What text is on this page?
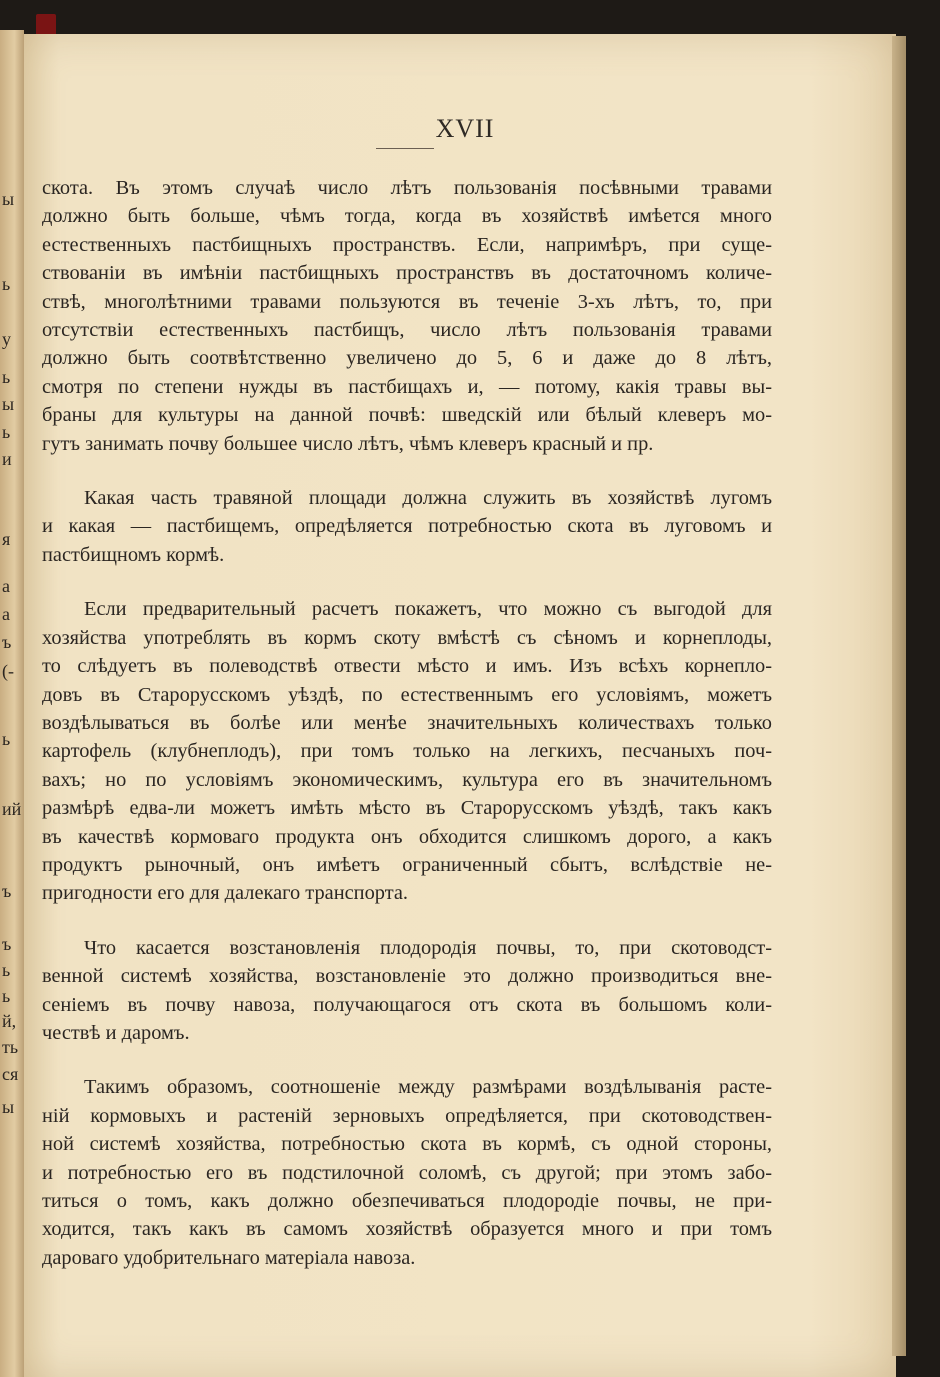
ы
ь
у
ь
ы
ь
и
я
а
а
ъ
(-
ь
ий
ъ
ъ
ь
ь
й,
ть
ся
ы
XVII

скота. Въ этомъ случаѣ число лѣтъ пользованія посѣвными травами
должно быть больше, чѣмъ тогда, когда въ хозяйствѣ имѣется много
естественныхъ пастбищныхъ пространствъ. Если, напримѣръ, при суще-
ствованіи въ имѣніи пастбищныхъ пространствъ въ достаточномъ количе-
ствѣ, многолѣтними травами пользуются въ теченіе 3-хъ лѣтъ, то, при
отсутствіи естественныхъ пастбищъ, число лѣтъ пользованія травами
должно быть соотвѣтственно увеличено до 5, 6 и даже до 8 лѣтъ,
смотря по степени нужды въ пастбищахъ и, — потому, какія травы вы-
браны для культуры на данной почвѣ: шведскій или бѣлый клеверъ мо-
гутъ занимать почву большее число лѣтъ, чѣмъ клеверъ красный и пр.

Какая часть травяной площади должна служить въ хозяйствѣ лугомъ
и какая — пастбищемъ, опредѣляется потребностью скота въ луговомъ и
пастбищномъ кормѣ.

Если предварительный расчетъ покажетъ, что можно съ выгодой для
хозяйства употреблять въ кормъ скоту вмѣстѣ съ сѣномъ и корнеплоды,
то слѣдуетъ въ полеводствѣ отвести мѣсто и имъ. Изъ всѣхъ корнепло-
довъ въ Старорусскомъ уѣздѣ, по естественнымъ его условіямъ, можетъ
воздѣлываться въ болѣе или менѣе значительныхъ количествахъ только
картофель (клубнеплодъ), при томъ только на легкихъ, песчаныхъ поч-
вахъ; но по условіямъ экономическимъ, культура его въ значительномъ
размѣрѣ едва-ли можетъ имѣть мѣсто въ Старорусскомъ уѣздѣ, такъ какъ
въ качествѣ кормоваго продукта онъ обходится слишкомъ дорого, а какъ
продуктъ рыночный, онъ имѣетъ ограниченный сбытъ, вслѣдствіе не-
пригодности его для далекаго транспорта.

Что касается возстановленія плодородія почвы, то, при скотоводст-
венной системѣ хозяйства, возстановленіе это должно производиться вне-
сеніемъ въ почву навоза, получающагося отъ скота въ большомъ коли-
чествѣ и даромъ.

Такимъ образомъ, соотношеніе между размѣрами воздѣлыванія расте-
ній кормовыхъ и растеній зерновыхъ опредѣляется, при скотоводствен-
ной системѣ хозяйства, потребностью скота въ кормѣ, съ одной стороны,
и потребностью его въ подстилочной соломѣ, съ другой; при этомъ забо-
титься о томъ, какъ должно обезпечиваться плодородіе почвы, не при-
ходится, такъ какъ въ самомъ хозяйствѣ образуется много и при томъ
дароваго удобрительнаго матеріала навоза.
